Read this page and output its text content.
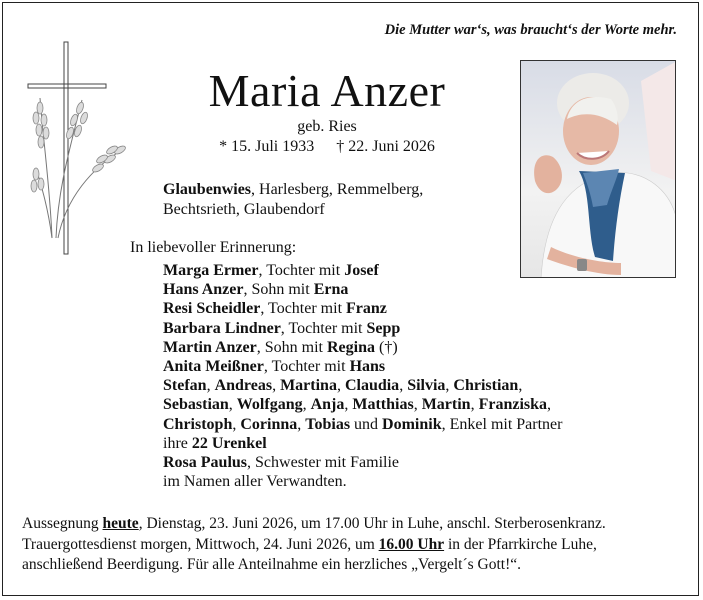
Die Mutter war‘s, was braucht‘s der Worte mehr.
Maria Anzer
geb. Ries
* 15. Juli 1933 † 22. Juni 2026
Glaubenwies, Harlesberg, Remmelberg, Bechtsrieth, Glaubendorf
In liebevoller Erinnerung:
Marga Ermer, Tochter mit Josef
Hans Anzer, Sohn mit Erna
Resi Scheidler, Tochter mit Franz
Barbara Lindner, Tochter mit Sepp
Martin Anzer, Sohn mit Regina (†)
Anita Meißner, Tochter mit Hans
Stefan, Andreas, Martina, Claudia, Silvia, Christian,
Sebastian, Wolfgang, Anja, Matthias, Martin, Franziska,
Christoph, Corinna, Tobias und Dominik, Enkel mit Partner
ihre 22 Urenkel
Rosa Paulus, Schwester mit Familie
im Namen aller Verwandten.
Aussegnung heute, Dienstag, 23. Juni 2026, um 17.00 Uhr in Luhe, anschl. Sterberosenkranz.
Trauergottesdienst morgen, Mittwoch, 24. Juni 2026, um 16.00 Uhr in der Pfarrkirche Luhe,
anschließend Beerdigung. Für alle Anteilnahme ein herzliches „Vergelt´s Gott!“.
